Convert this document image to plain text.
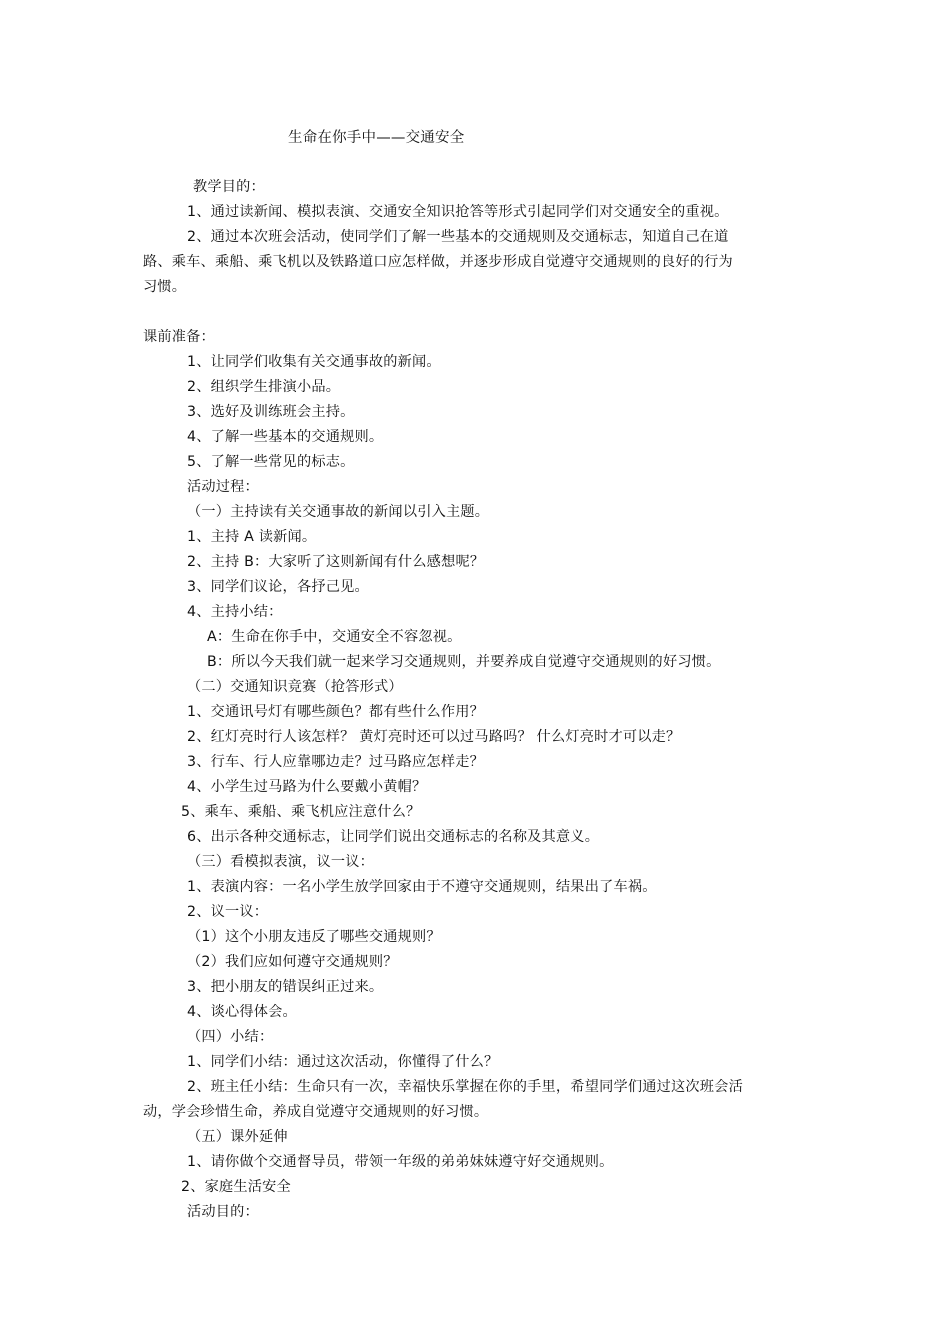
生命在你手中——交通安全
教学目的：
1、通过读新闻、模拟表演、交通安全知识抢答等形式引起同学们对交通安全的重视。
2、通过本次班会活动，使同学们了解一些基本的交通规则及交通标志，知道自己在道
路、乘车、乘船、乘飞机以及铁路道口应怎样做，并逐步形成自觉遵守交通规则的良好的行为
习惯。
课前准备：
1、让同学们收集有关交通事故的新闻。
2、组织学生排演小品。
3、选好及训练班会主持。
4、了解一些基本的交通规则。
5、了解一些常见的标志。
活动过程：
（一）主持读有关交通事故的新闻以引入主题。
1、主持 A 读新闻。
2、主持 B：大家听了这则新闻有什么感想呢？
3、同学们议论，各抒己见。
4、主持小结：
A：生命在你手中，交通安全不容忽视。
B：所以今天我们就一起来学习交通规则，并要养成自觉遵守交通规则的好习惯。
（二）交通知识竞赛（抢答形式）
1、交通讯号灯有哪些颜色？都有些什么作用？
2、红灯亮时行人该怎样？ 黄灯亮时还可以过马路吗？ 什么灯亮时才可以走？
3、行车、行人应靠哪边走？过马路应怎样走？
4、小学生过马路为什么要戴小黄帽？
5、乘车、乘船、乘飞机应注意什么？
6、出示各种交通标志，让同学们说出交通标志的名称及其意义。
（三）看模拟表演，议一议：
1、表演内容：一名小学生放学回家由于不遵守交通规则，结果出了车祸。
2、议一议：
（1）这个小朋友违反了哪些交通规则？
（2）我们应如何遵守交通规则？
3、把小朋友的错误纠正过来。
4、谈心得体会。
（四）小结：
1、同学们小结：通过这次活动，你懂得了什么？
2、班主任小结：生命只有一次，幸福快乐掌握在你的手里，希望同学们通过这次班会活
动，学会珍惜生命，养成自觉遵守交通规则的好习惯。
（五）课外延伸
1、请你做个交通督导员，带领一年级的弟弟妹妹遵守好交通规则。
2、家庭生活安全
活动目的：
